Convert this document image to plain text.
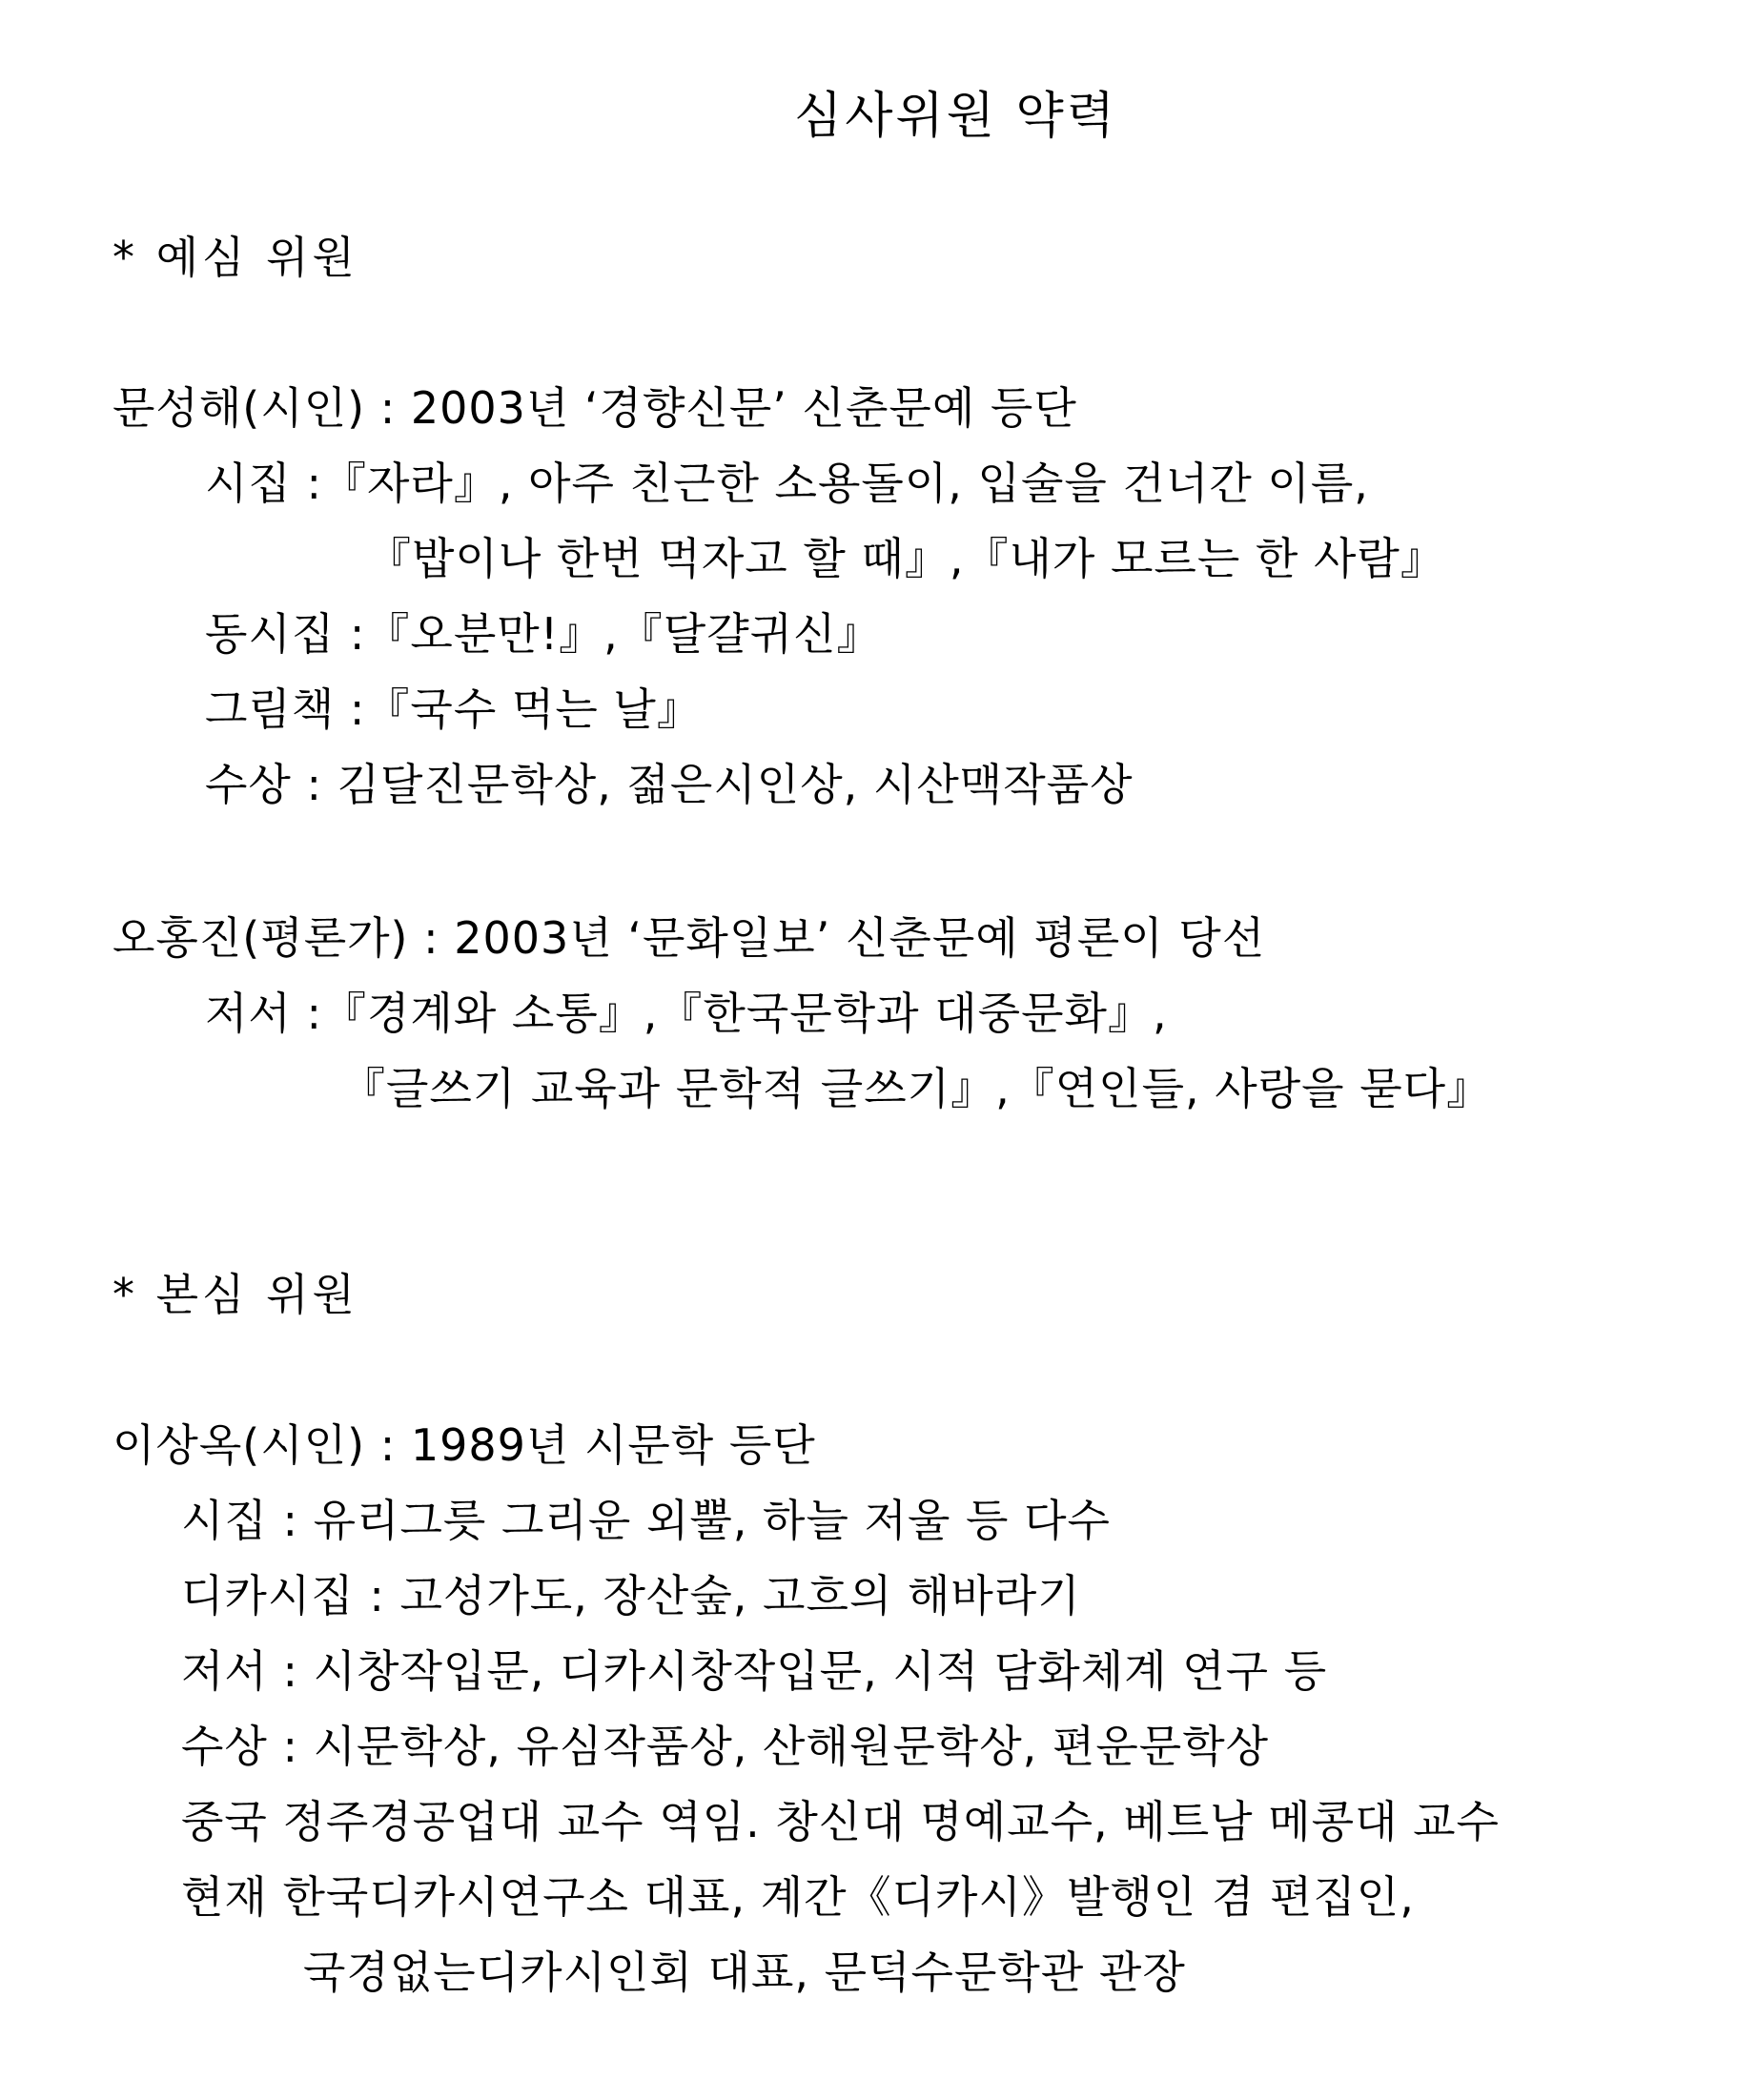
심사위원 약력
* 예심 위원
문성해(시인) : 2003년 ‘경향신문’ 신춘문예 등단
시집 :『자라』, 아주 친근한 소용돌이, 입술을 건너간 이름,
『밥이나 한번 먹자고 할 때』,『내가 모르는 한 사람』
동시집 :『오분만!』,『달걀귀신』
그림책 :『국수 먹는 날』
수상 : 김달진문학상, 젊은시인상, 시산맥작품상
오홍진(평론가) : 2003년 ‘문화일보’ 신춘문예 평론이 당선
저서 :『경계와 소통』,『한국문학과 대중문화』,
『글쓰기 교육과 문학적 글쓰기』,『연인들, 사랑을 묻다』
* 본심 위원
이상옥(시인) : 1989년 시문학 등단
시집 : 유리그릇 그리운 외뿔, 하늘 저울 등 다수
디카시집 : 고성가도, 장산숲, 고흐의 해바라기
저서 : 시창작입문, 디카시창작입문, 시적 담화체계 연구 등
수상 : 시문학상, 유심작품상, 산해원문학상, 편운문학상
중국 정주경공업대 교수 역임. 창신대 명예교수, 베트남 메콩대 교수
현재 한국디카시연구소 대표, 계간《디카시》발행인 겸 편집인,
국경없는디카시인회 대표, 문덕수문학관 관장
